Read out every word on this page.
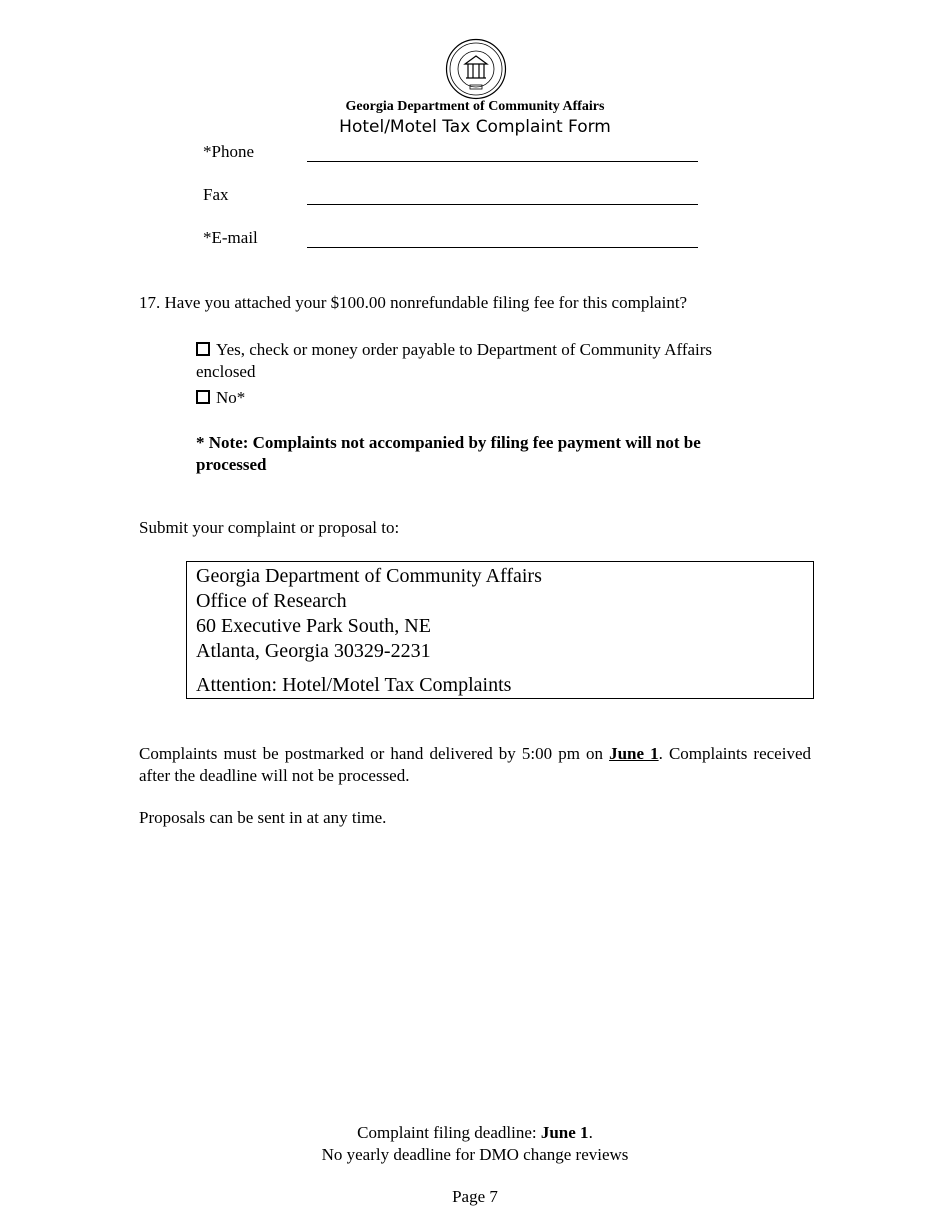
Georgia Department of Community Affairs
Hotel/Motel Tax Complaint Form
*Phone
Fax
*E-mail
17. Have you attached your $100.00 nonrefundable filing fee for this complaint?
Yes, check or money order payable to Department of Community Affairs
enclosed
No*
* Note: Complaints not accompanied by filing fee payment will not be
processed
Submit your complaint or proposal to:
Georgia Department of Community Affairs
Office of Research
60 Executive Park South, NE
Atlanta, Georgia 30329-2231
Attention: Hotel/Motel Tax Complaints
Complaints must be postmarked or hand delivered by 5:00 pm on June 1. Complaints received after the deadline will not be processed.
Proposals can be sent in at any time.
Complaint filing deadline: June 1.
No yearly deadline for DMO change reviews
Page 7
